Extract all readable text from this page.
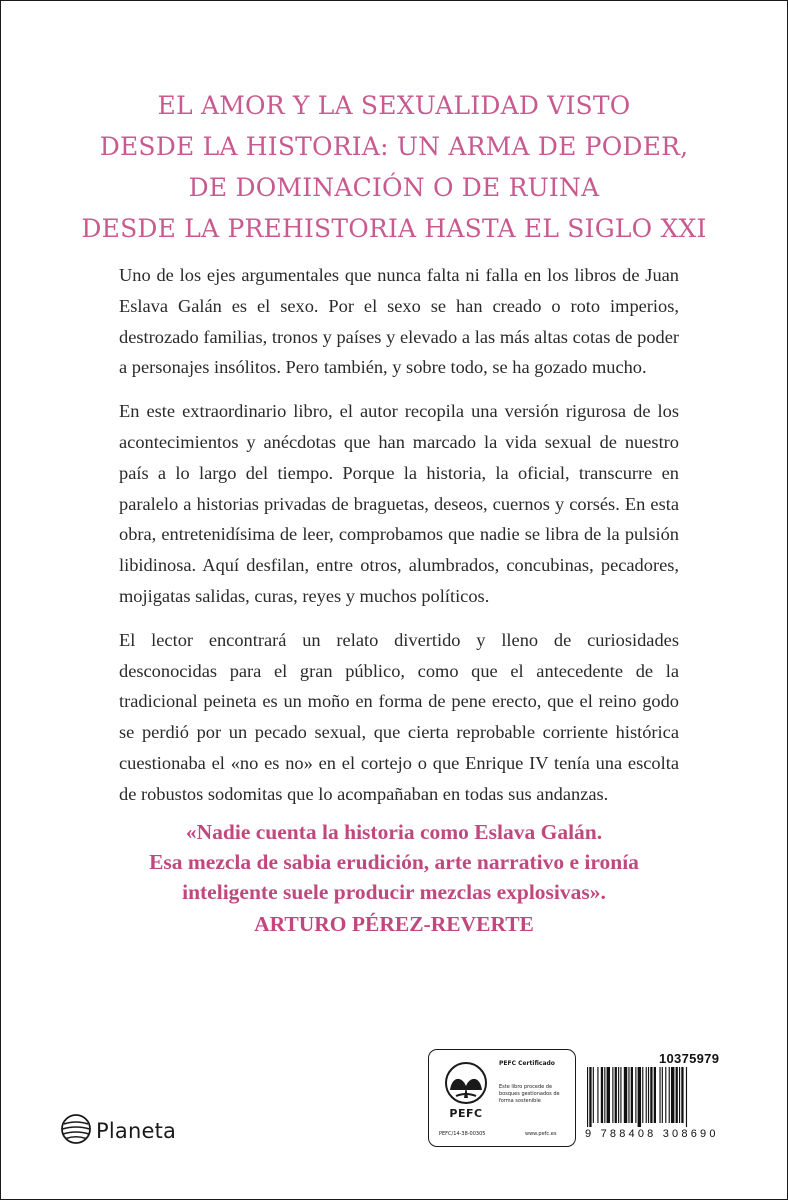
EL AMOR Y LA SEXUALIDAD VISTO
DESDE LA HISTORIA: UN ARMA DE PODER,
DE DOMINACIÓN O DE RUINA
DESDE LA PREHISTORIA HASTA EL SIGLO XXI

Uno de los ejes argumentales que nunca falta ni falla en los libros de Juan Eslava Galán es el sexo. Por el sexo se han creado o roto imperios, destrozado familias, tronos y países y elevado a las más altas cotas de poder a personajes insólitos. Pero también, y sobre todo, se ha gozado mucho.

En este extraordinario libro, el autor recopila una versión rigurosa de los acontecimientos y anécdotas que han marcado la vida sexual de nuestro país a lo largo del tiempo. Porque la historia, la oficial, transcurre en paralelo a historias privadas de braguetas, deseos, cuernos y corsés. En esta obra, entretenidísima de leer, comprobamos que nadie se libra de la pulsión libidinosa. Aquí desfilan, entre otros, alumbrados, concubinas, pecadores, mojigatas salidas, curas, reyes y muchos políticos.

El lector encontrará un relato divertido y lleno de curiosidades desconocidas para el gran público, como que el antecedente de la tradicional peineta es un moño en forma de pene erecto, que el reino godo se perdió por un pecado sexual, que cierta reprobable corriente histórica cuestionaba el «no es no» en el cortejo o que Enrique IV tenía una escolta de robustos sodomitas que lo acompañaban en todas sus andanzas.

«Nadie cuenta la historia como Eslava Galán.
Esa mezcla de sabia erudición, arte narrativo e ironía
inteligente suele producir mezclas explosivas».
ARTURO PÉREZ-REVERTE
Planeta
PEFC Certificado
Este libro procede de bosques gestionados de forma sostenible
PEFC
PEFC/14-38-00305	www.pefc.es
10375979
9 788408 308690
